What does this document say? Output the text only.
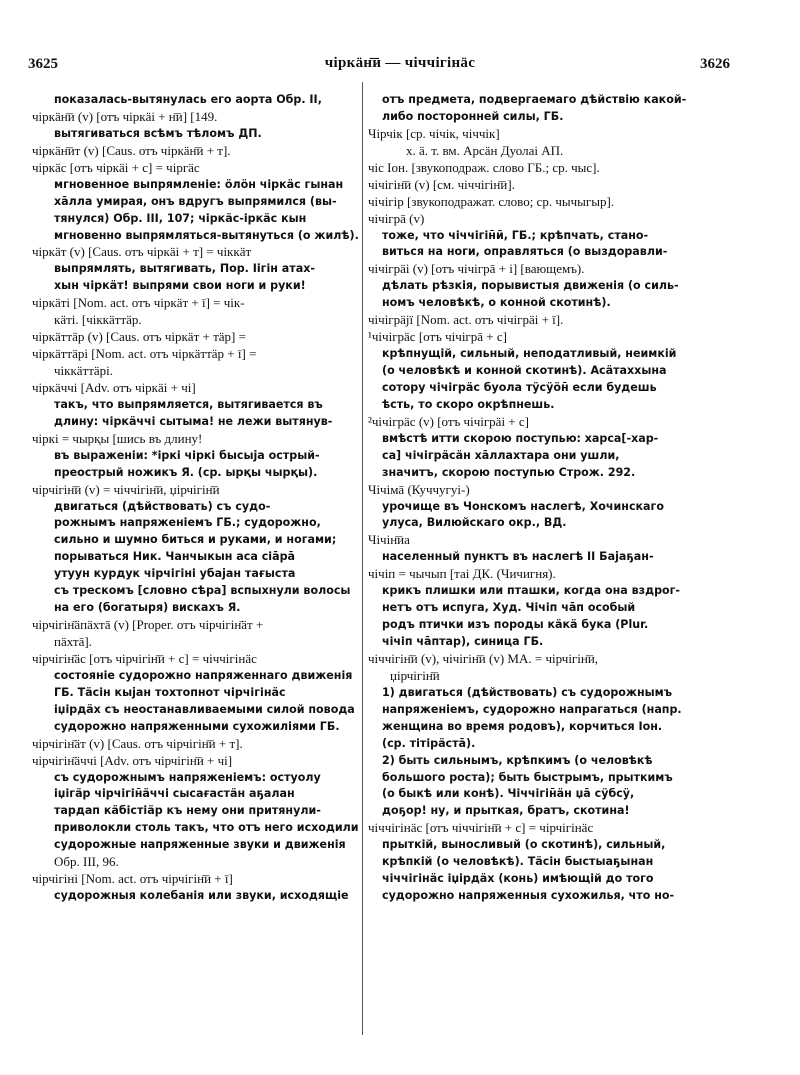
3625	чіркäн̄ӣ — чіччігінäс	3626
показалась-вытянулась его аорта Обр. II,
чіркäн̄ӣ (v) [отъ чіркäі + н̄ӣ] [149.
вытягиваться всѣмъ тѣломъ ДП.
чіркäн̄ӣт (v) [Caus. отъ чіркäн̄ӣ + т].
чіркäс [отъ чіркäі + с] = чіргäс
мгновенное выпрямленіе: ӧлӧн чіркäс гынан
хāлла умирая, онъ вдругъ выпрямился (вы-
тянулся) Обр. III, 107; чіркäс-іркäс кын
мгновенно выпрямляться-вытянуться (о жилѣ).
чіркäт (v) [Caus. отъ чіркäі + т] = чіккäт
выпрямлять, вытягивать, Пор. Іігін атах-
хын чіркäт! выпрями свои ноги и руки!
чіркäті [Nom. act. отъ чіркäт + ī] = чік-
кäті. [чіккäттäр.
чіркäттäр (v) [Caus. отъ чіркäт + тäр] =
чіркäттäрі [Nom. act. отъ чіркäттäр + ī] =
чіккäттäрі.
чіркäччі [Adv. отъ чіркäі + чі]
такъ, что выпрямляется, вытягивается въ
длину: чіркäччі сытыма! не лежи вытянув-
чіркі = чырқы [шись въ длину!
въ выраженіи: *іркі чіркі бысыја острый-
преострый ножикъ Я. (ср. ырқы чырқы).
чірчігін̄ӣ (v) = чіччігін̄ӣ, џірчігін̄ӣ
двигаться (дѣйствовать) съ судо-
рожнымъ напряженіемъ ГБ.; судорожно,
сильно и шумно биться и руками, и ногами;
порываться Ник. Чанчыкын аса сіāрā
утуун курдук чірчігіні убајан тағыста
съ трескомъ [словно сѣра] вспыхнули волосы
на его (богатыря) вискахъ Я.
чірчігін̄äпäхтā (v) [Proper. отъ чірчігін̄äт +
пäхтā].
чірчігін̄äс [отъ чірчігін̄ӣ + с] = чіччігінäс
состояніе судорожно напряженнаго движенія
ГБ. Тäсін кыјан тохтопнот чірчігінäс
іџірдäх съ неостанавливаемыми силой повода
судорожно напряженными сухожиліями ГБ.
чірчігін̄äт (v) [Caus. отъ чірчігін̄ӣ + т].
чірчігін̄äччі [Adv. отъ чірчігін̄ӣ + чі]
съ судорожнымъ напряженіемъ: остуолу
іџігäр чірчігін̄äччі сысағастäн аҕалан
тардап кäбістіäр къ нему они притянули-
приволокли столь такъ, что отъ него исходили
судорожные напряженные звуки и движенія
Обр. III, 96.
чірчігіні [Nom. act. отъ чірчігін̄ӣ + ī]
судорожныя колебанія или звуки, исходящіе
отъ предмета, подвергаемаго дѣйствію какой-
либо посторонней силы, ГБ.
Чірчік [ср. чічік, чіччік]
х. ä. т. вм. Арсäн Дуолаі АП.
чіс Іон. [звукоподраж. слово ГБ.; ср. чыс].
чічігін̄ӣ (v) [см. чіччігін̄ӣ].
чічігір [звукоподражат. слово; ср. чычыгыр].
чічігрā (v)
тоже, что чіччігін̄ӣ, ГБ.; крѣпчать, стано-
виться на ноги, оправляться (о выздоравли-
чічігрäі (v) [отъ чічігрā + і] [вающемъ).
дѣлать рѣзкія, порывистыя движенія (о силь-
номъ человѣкѣ, о конной скотинѣ).
чічігрäјї [Nom. act. отъ чічігрäі + ī].
¹чічігрäс [отъ чічігрā + с]
крѣпнущій, сильный, неподатливый, неимкій
(о человѣкѣ и конной скотинѣ). Асäтаххына
сотору чічігрäс буола тӱсӱӧн̄ если будешь
ѣсть, то скоро окрѣпнешь.
²чічігрäс (v) [отъ чічігрäі + с]
вмѣстѣ итти скорою поступью: харса[-хар-
са] чічігрäсäн хāллахтара они ушли,
значитъ, скорою поступью Строж. 292.
Чічімā (Куччугуі-)
урочище въ Чонскомъ наслегѣ, Хочинскаго
улуса, Вилюйскаго окр., ВД.
Чічін̄ӣа
населенный пунктъ въ наслегѣ II Бајаҕан-
чічіп = чычып [таі ДК. (Чичигня).
крикъ плишки или пташки, когда она вздрог-
нетъ отъ испуга, Худ. Чічіп чāп особый
родъ птички изъ породы кäкä бука (Plur.
чічіп чāптар), синица ГБ.
чіччігін̄ӣ (v), чічігін̄ӣ (v) МА. = чірчігін̄ӣ,
џірчігін̄ӣ
1) двигаться (дѣйствовать) съ судорожнымъ
напряженіемъ, судорожно напрагаться (напр.
женщина во время родовъ), корчиться Іон.
(ср. тітірäстā).
2) быть сильнымъ, крѣпкимъ (о человѣкѣ
большого роста); быть быстрымъ, прыткимъ
(о быкѣ или конѣ). Чіччігін̄äн џā сӱбсӱ,
доҕор! ну, и прыткая, братъ, скотина!
чіччігінäс [отъ чіччігін̄ӣ + с] = чірчігінäс
прыткій, выносливый (о скотинѣ), сильный,
крѣпкій (о человѣкѣ). Тäсін быстыаҕынан
чіччігінäс іџірдäх (конь) имѣющій до того
судорожно напряженныя сухожилья, что но-
